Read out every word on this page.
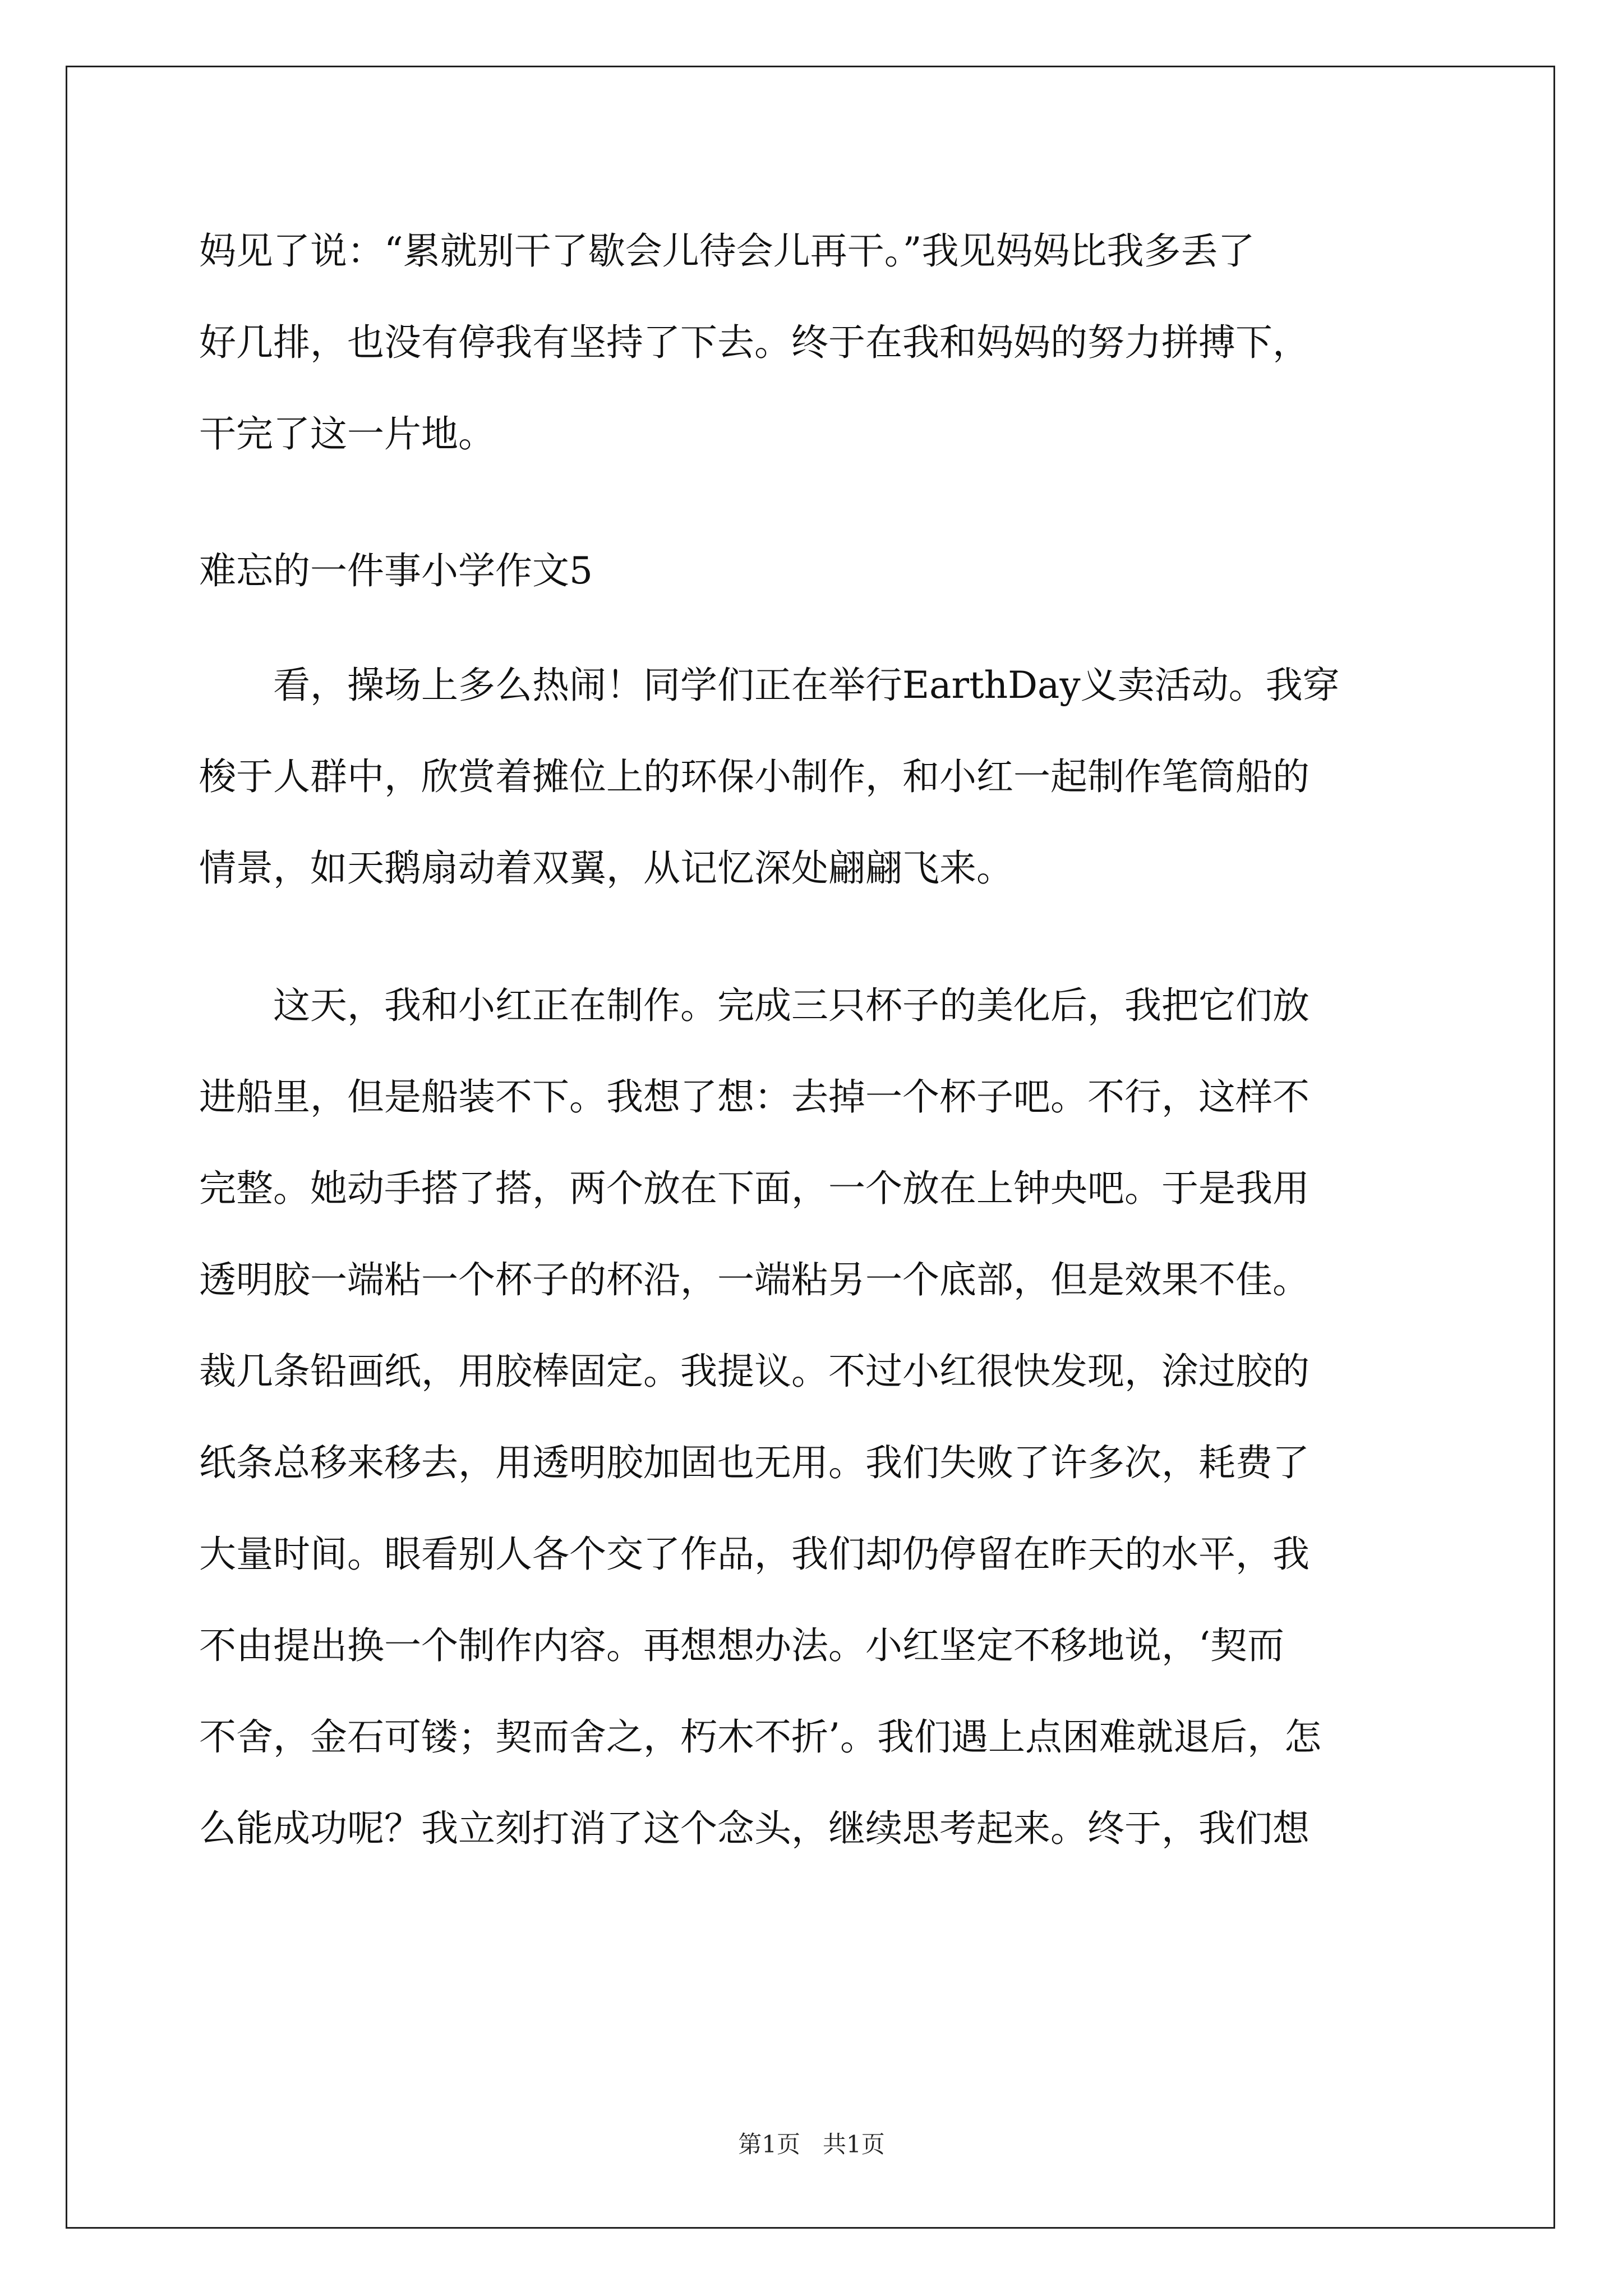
妈见了说：“累就别干了歇会儿待会儿再干。”我见妈妈比我多丢了
好几排，也没有停我有坚持了下去。终于在我和妈妈的努力拼搏下，
干完了这一片地。
难忘的一件事小学作文5
　　看，操场上多么热闹！同学们正在举行EarthDay义卖活动。我穿
梭于人群中，欣赏着摊位上的环保小制作，和小红一起制作笔筒船的
情景，如天鹅扇动着双翼，从记忆深处翩翩飞来。
　　这天，我和小红正在制作。完成三只杯子的美化后，我把它们放
进船里，但是船装不下。我想了想：去掉一个杯子吧。不行，这样不
完整。她动手搭了搭，两个放在下面，一个放在上钟央吧。于是我用
透明胶一端粘一个杯子的杯沿，一端粘另一个底部，但是效果不佳。
裁几条铅画纸，用胶棒固定。我提议。不过小红很快发现，涂过胶的
纸条总移来移去，用透明胶加固也无用。我们失败了许多次，耗费了
大量时间。眼看别人各个交了作品，我们却仍停留在昨天的水平，我
不由提出换一个制作内容。再想想办法。小红坚定不移地说，‘契而
不舍，金石可镂；契而舍之，朽木不折’。我们遇上点困难就退后，怎
么能成功呢？我立刻打消了这个念头，继续思考起来。终于，我们想
第1页 共1页
